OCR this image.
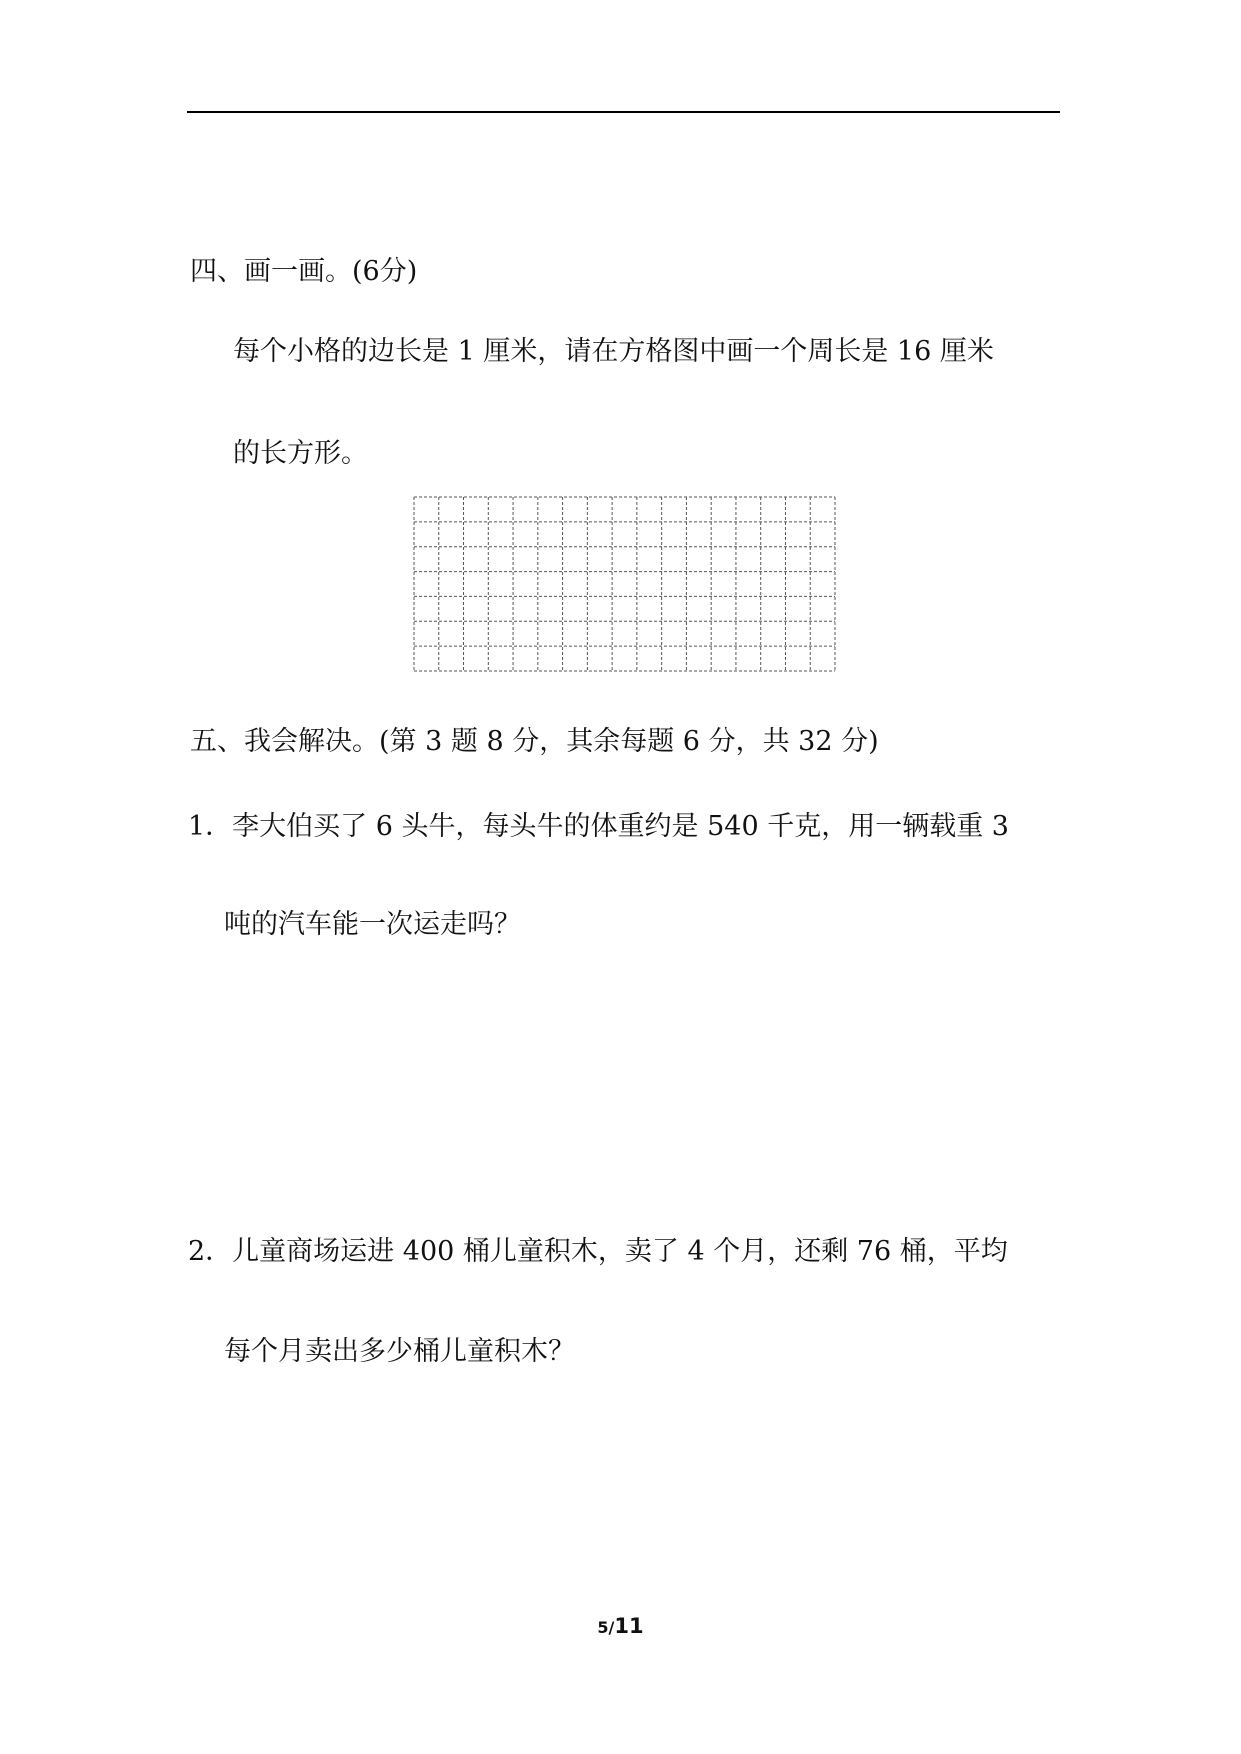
四、画一画。(6分)
每个小格的边长是 1 厘米，请在方格图中画一个周长是 16 厘米
的长方形。
五、我会解决。(第 3 题 8 分，其余每题 6 分，共 32 分)
1．李大伯买了 6 头牛，每头牛的体重约是 540 千克，用一辆载重 3
吨的汽车能一次运走吗？
2．儿童商场运进 400 桶儿童积木，卖了 4 个月，还剩 76 桶，平均
每个月卖出多少桶儿童积木？
5/11
